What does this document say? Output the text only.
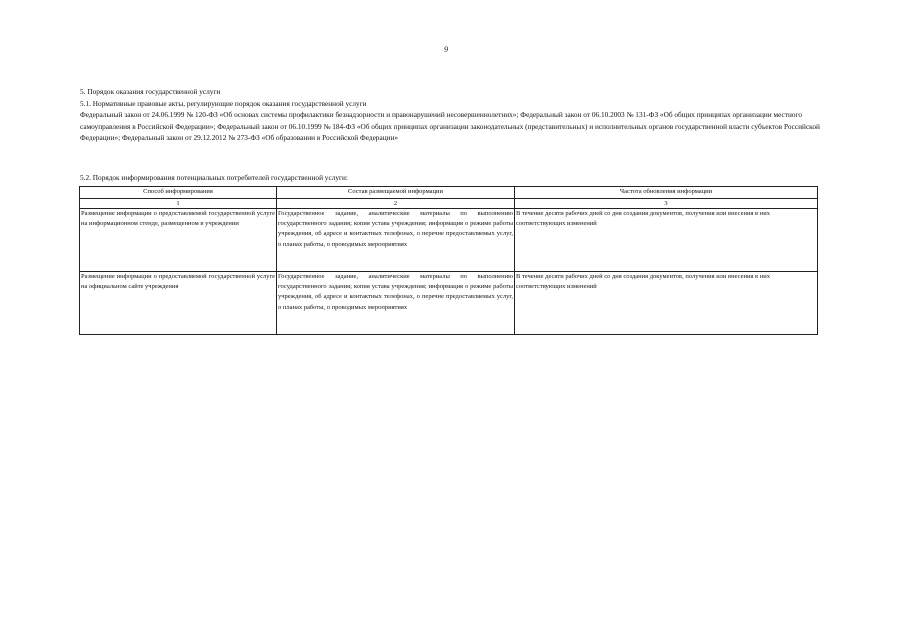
9

5. Порядок оказания государственной услуги

5.1. Нормативные правовые акты, регулирующие порядок оказания государственной услуги

Федеральный закон от 24.06.1999 № 120-ФЗ «Об основах системы профилактики безнадзорности и правонарушений несовершеннолетних»; Федеральный закон от 06.10.2003 № 131-ФЗ «Об общих принципах организации местного самоуправления в Российской Федерации»; Федеральный закон от 06.10.1999 № 184-ФЗ «Об общих принципах организации законодательных (представительных) и исполнительных органов государственной власти субъектов Российской Федерации»; Федеральный закон от 29.12.2012 № 273-ФЗ «Об образовании в Российской Федерации»

5.2. Порядок информирования потенциальных потребителей государственной услуги:
Способ информирования	Состав размещаемой информации	Частота обновления информации
1	2	3
Размещение информации о предоставляемой государственной услуге на информационном стенде, размещенном в учреждении	Государственное задание, аналитические материалы по выполнению государственного задания; копия устава учреждения; информация о режиме работы учреждения, об адресе и контактных телефонах, о перечне предоставляемых услуг, о планах работы, о проводимых мероприятиях	В течение десяти рабочих дней со дня создания документов, получения или внесения в них соответствующих изменений
Размещение информации о предоставляемой государственной услуге на официальном сайте учреждения	Государственное задание, аналитические материалы по выполнению государственного задания; копия устава учреждения; информация о режиме работы учреждения, об адресе и контактных телефонах, о перечне предоставляемых услуг, о планах работы, о проводимых мероприятиях	В течение десяти рабочих дней со дня создания документов, получения или внесения в них соответствующих изменений
